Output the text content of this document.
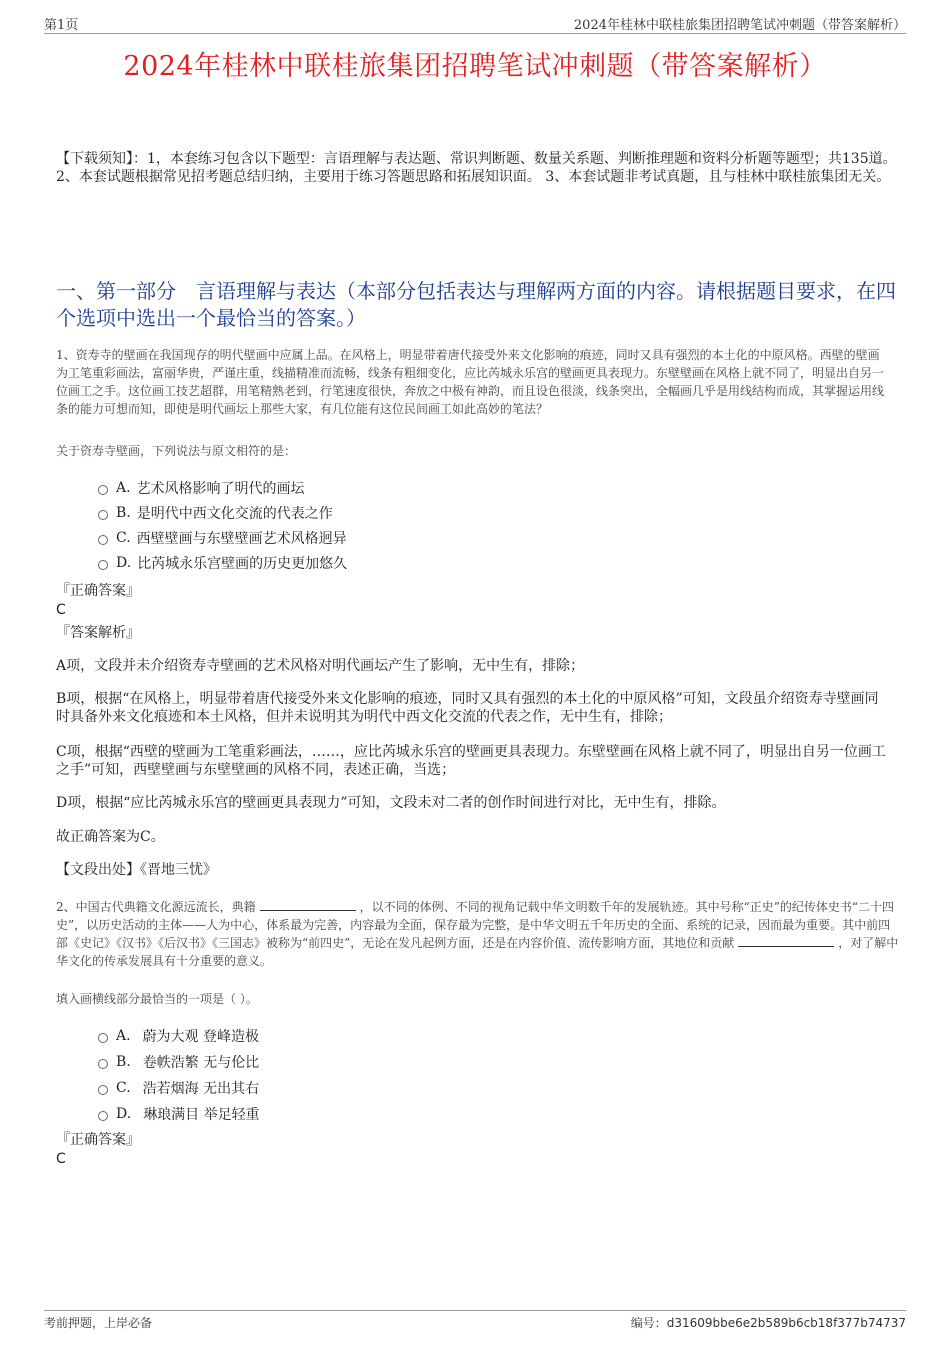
第1页	2024年桂林中联桂旅集团招聘笔试冲刺题（带答案解析）
2024年桂林中联桂旅集团招聘笔试冲刺题（带答案解析）
【下载须知】：1，本套练习包含以下题型：言语理解与表达题、常识判断题、数量关系题、判断推理题和资料分析题等题型；共135道。 2、本套试题根据常见招考题总结归纳，主要用于练习答题思路和拓展知识面。 3、本套试题非考试真题，且与桂林中联桂旅集团无关。
一、第一部分　言语理解与表达（本部分包括表达与理解两方面的内容。请根据题目要求，在四个选项中选出一个最恰当的答案。）
1、资寿寺的壁画在我国现存的明代壁画中应属上品。在风格上，明显带着唐代接受外来文化影响的痕迹，同时又具有强烈的本土化的中原风格。西壁的壁画为工笔重彩画法，富丽华贵，严谨庄重，线描精准而流畅，线条有粗细变化，应比芮城永乐宫的壁画更具表现力。东壁壁画在风格上就不同了，明显出自另一位画工之手。这位画工技艺超群，用笔精熟老到，行笔速度很快，奔放之中极有神韵，而且设色很淡，线条突出，全幅画几乎是用线结构而成，其掌握运用线条的能力可想而知，即使是明代画坛上那些大家，有几位能有这位民间画工如此高妙的笔法？
关于资寿寺壁画，下列说法与原文相符的是：
A. 艺术风格影响了明代的画坛
B. 是明代中西文化交流的代表之作
C. 西壁壁画与东壁壁画艺术风格迥异
D. 比芮城永乐宫壁画的历史更加悠久
『正确答案』
C
『答案解析』
A项，文段并未介绍资寿寺壁画的艺术风格对明代画坛产生了影响，无中生有，排除；
B项，根据“在风格上，明显带着唐代接受外来文化影响的痕迹，同时又具有强烈的本土化的中原风格”可知，文段虽介绍资寿寺壁画同时具备外来文化痕迹和本土风格，但并未说明其为明代中西文化交流的代表之作，无中生有，排除；
C项，根据“西壁的壁画为工笔重彩画法，……，应比芮城永乐宫的壁画更具表现力。东壁壁画在风格上就不同了，明显出自另一位画工之手”可知，西壁壁画与东壁壁画的风格不同，表述正确，当选；
D项，根据“应比芮城永乐宫的壁画更具表现力”可知，文段未对二者的创作时间进行对比，无中生有，排除。
故正确答案为C。
【文段出处】《晋地三忧》
2、中国古代典籍文化源远流长，典籍	，以不同的体例、不同的视角记载中华文明数千年的发展轨迹。其中号称“正史”的纪传体史书“二十四史”，以历史活动的主体——人为中心，体系最为完善，内容最为全面，保存最为完整，是中华文明五千年历史的全面、系统的记录，因而最为重要。其中前四部《史记》《汉书》《后汉书》《三国志》被称为“前四史”，无论在发凡起例方面，还是在内容价值、流传影响方面，其地位和贡献	，对了解中华文化的传承发展具有十分重要的意义。
填入画横线部分最恰当的一项是（ ）。
A. 蔚为大观 登峰造极
B. 卷帙浩繁 无与伦比
C. 浩若烟海 无出其右
D. 琳琅满目 举足轻重
『正确答案』
C
考前押题，上岸必备	编号：d31609bbe6e2b589b6cb18f377b74737
